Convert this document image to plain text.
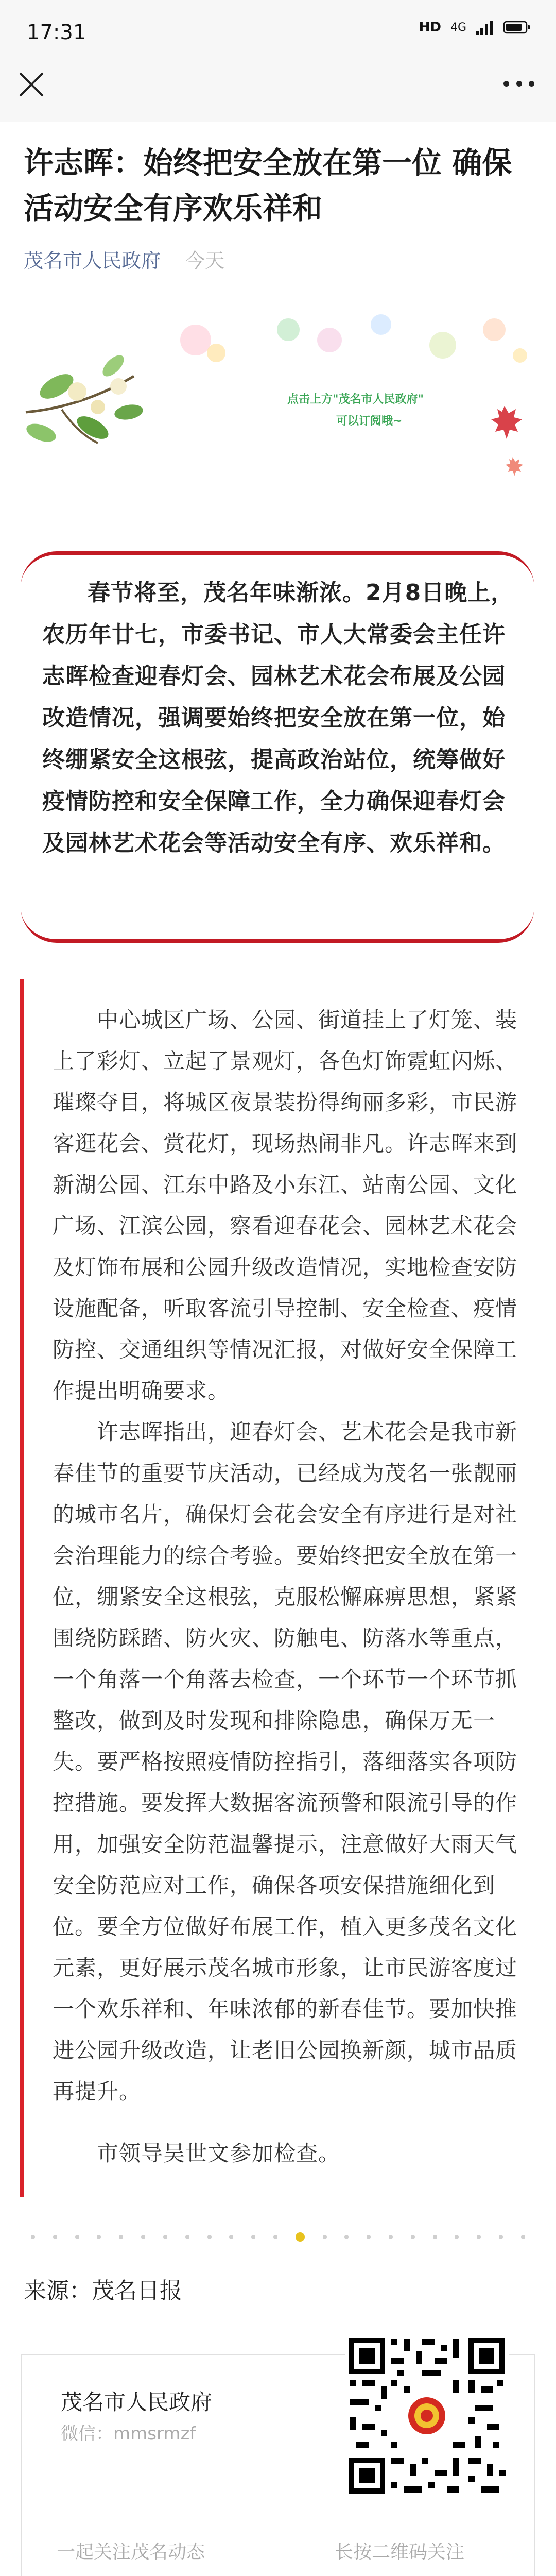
17:31	HD 4G
许志晖：始终把安全放在第一位 确保活动安全有序欢乐祥和
茂名市人民政府 今天
点击上方"茂名市人民政府"
可以订阅哦~
春节将至，茂名年味渐浓。2月8日晚上，农历年廿七，市委书记、市人大常委会主任许志晖检查迎春灯会、园林艺术花会布展及公园改造情况，强调要始终把安全放在第一位，始终绷紧安全这根弦，提高政治站位，统筹做好疫情防控和安全保障工作，全力确保迎春灯会及园林艺术花会等活动安全有序、欢乐祥和。
中心城区广场、公园、街道挂上了灯笼、装上了彩灯、立起了景观灯，各色灯饰霓虹闪烁、璀璨夺目，将城区夜景装扮得绚丽多彩，市民游客逛花会、赏花灯，现场热闹非凡。许志晖来到新湖公园、江东中路及小东江、站南公园、文化广场、江滨公园，察看迎春花会、园林艺术花会及灯饰布展和公园升级改造情况，实地检查安防设施配备，听取客流引导控制、安全检查、疫情防控、交通组织等情况汇报，对做好安全保障工作提出明确要求。
许志晖指出，迎春灯会、艺术花会是我市新春佳节的重要节庆活动，已经成为茂名一张靓丽的城市名片，确保灯会花会安全有序进行是对社会治理能力的综合考验。要始终把安全放在第一位，绷紧安全这根弦，克服松懈麻痹思想，紧紧围绕防踩踏、防火灾、防触电、防落水等重点，一个角落一个角落去检查，一个环节一个环节抓整改，做到及时发现和排除隐患，确保万无一失。要严格按照疫情防控指引，落细落实各项防控措施。要发挥大数据客流预警和限流引导的作用，加强安全防范温馨提示，注意做好大雨天气安全防范应对工作，确保各项安保措施细化到位。要全方位做好布展工作，植入更多茂名文化元素，更好展示茂名城市形象，让市民游客度过一个欢乐祥和、年味浓郁的新春佳节。要加快推进公园升级改造，让老旧公园换新颜，城市品质再提升。
市领导吴世文参加检查。
来源：茂名日报
茂名市人民政府
微信：mmsrmzf
一起关注茂名动态	长按二维码关注
